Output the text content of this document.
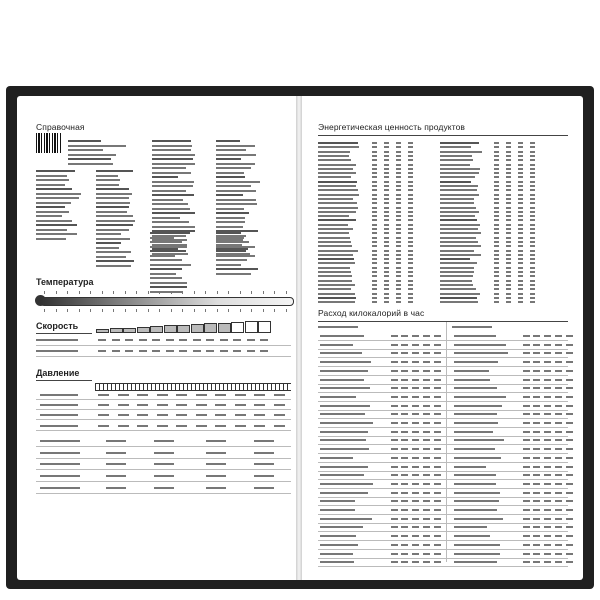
Справочная
Температура
Скорость
Давление
Энергетическая ценность продуктов
Расход килокалорий в час
